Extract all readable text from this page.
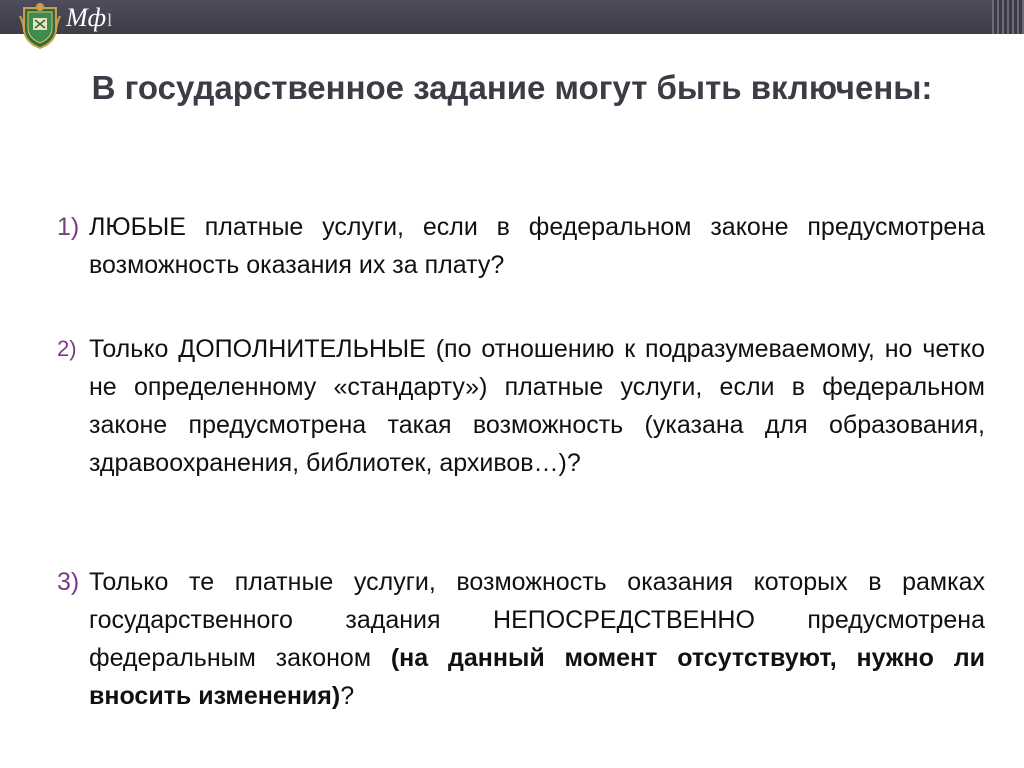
Мфl
В государственное задание могут быть включены:
1) ЛЮБЫЕ платные услуги, если в федеральном законе предусмотрена возможность оказания их за плату?
2) Только ДОПОЛНИТЕЛЬНЫЕ (по отношению к подразумеваемому, но четко не определенному «стандарту») платные услуги, если в федеральном законе предусмотрена такая возможность (указана для образования, здравоохранения, библиотек, архивов…)?
3) Только те платные услуги, возможность оказания которых в рамках государственного задания НЕПОСРЕДСТВЕННО предусмотрена федеральным законом (на данный момент отсутствуют, нужно ли вносить изменения)?
